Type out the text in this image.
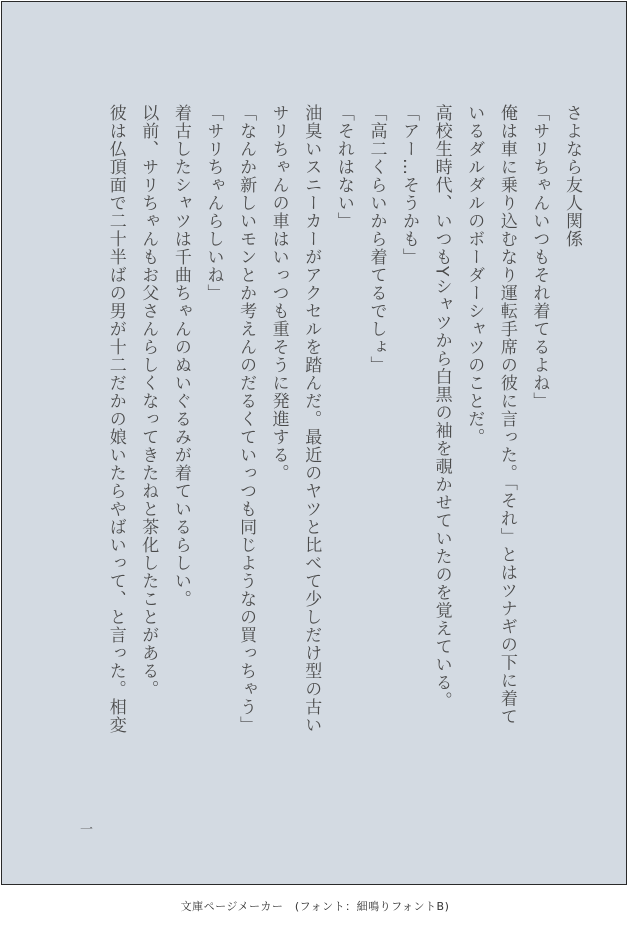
さよなら友人関係

「サリちゃんいつもそれ着てるよね」

俺は車に乗り込むなり運転手席の彼に言った。「それ」とはツナギの下に着て

いるダルダルのボーダーシャツのことだ。

高校生時代、いつもYシャツから白黒の袖を覗かせていたのを覚えている。

「アー…そうかも」

「高二くらいから着てるでしょ」

「それはない」

油臭いスニーカーがアクセルを踏んだ。最近のヤツと比べて少しだけ型の古い

サリちゃんの車はいっつも重そうに発進する。

「なんか新しいモンとか考えんのだるくていっつも同じようなの買っちゃう」

「サリちゃんらしいね」

着古したシャツは千曲ちゃんのぬいぐるみが着ているらしい。

以前、サリちゃんもお父さんらしくなってきたねと茶化したことがある。

彼は仏頂面で二十半ばの男が十二だかの娘いたらやばいって、と言った。相変

一
文庫ページメーカー　(フォント：細鳴りフォントB)
